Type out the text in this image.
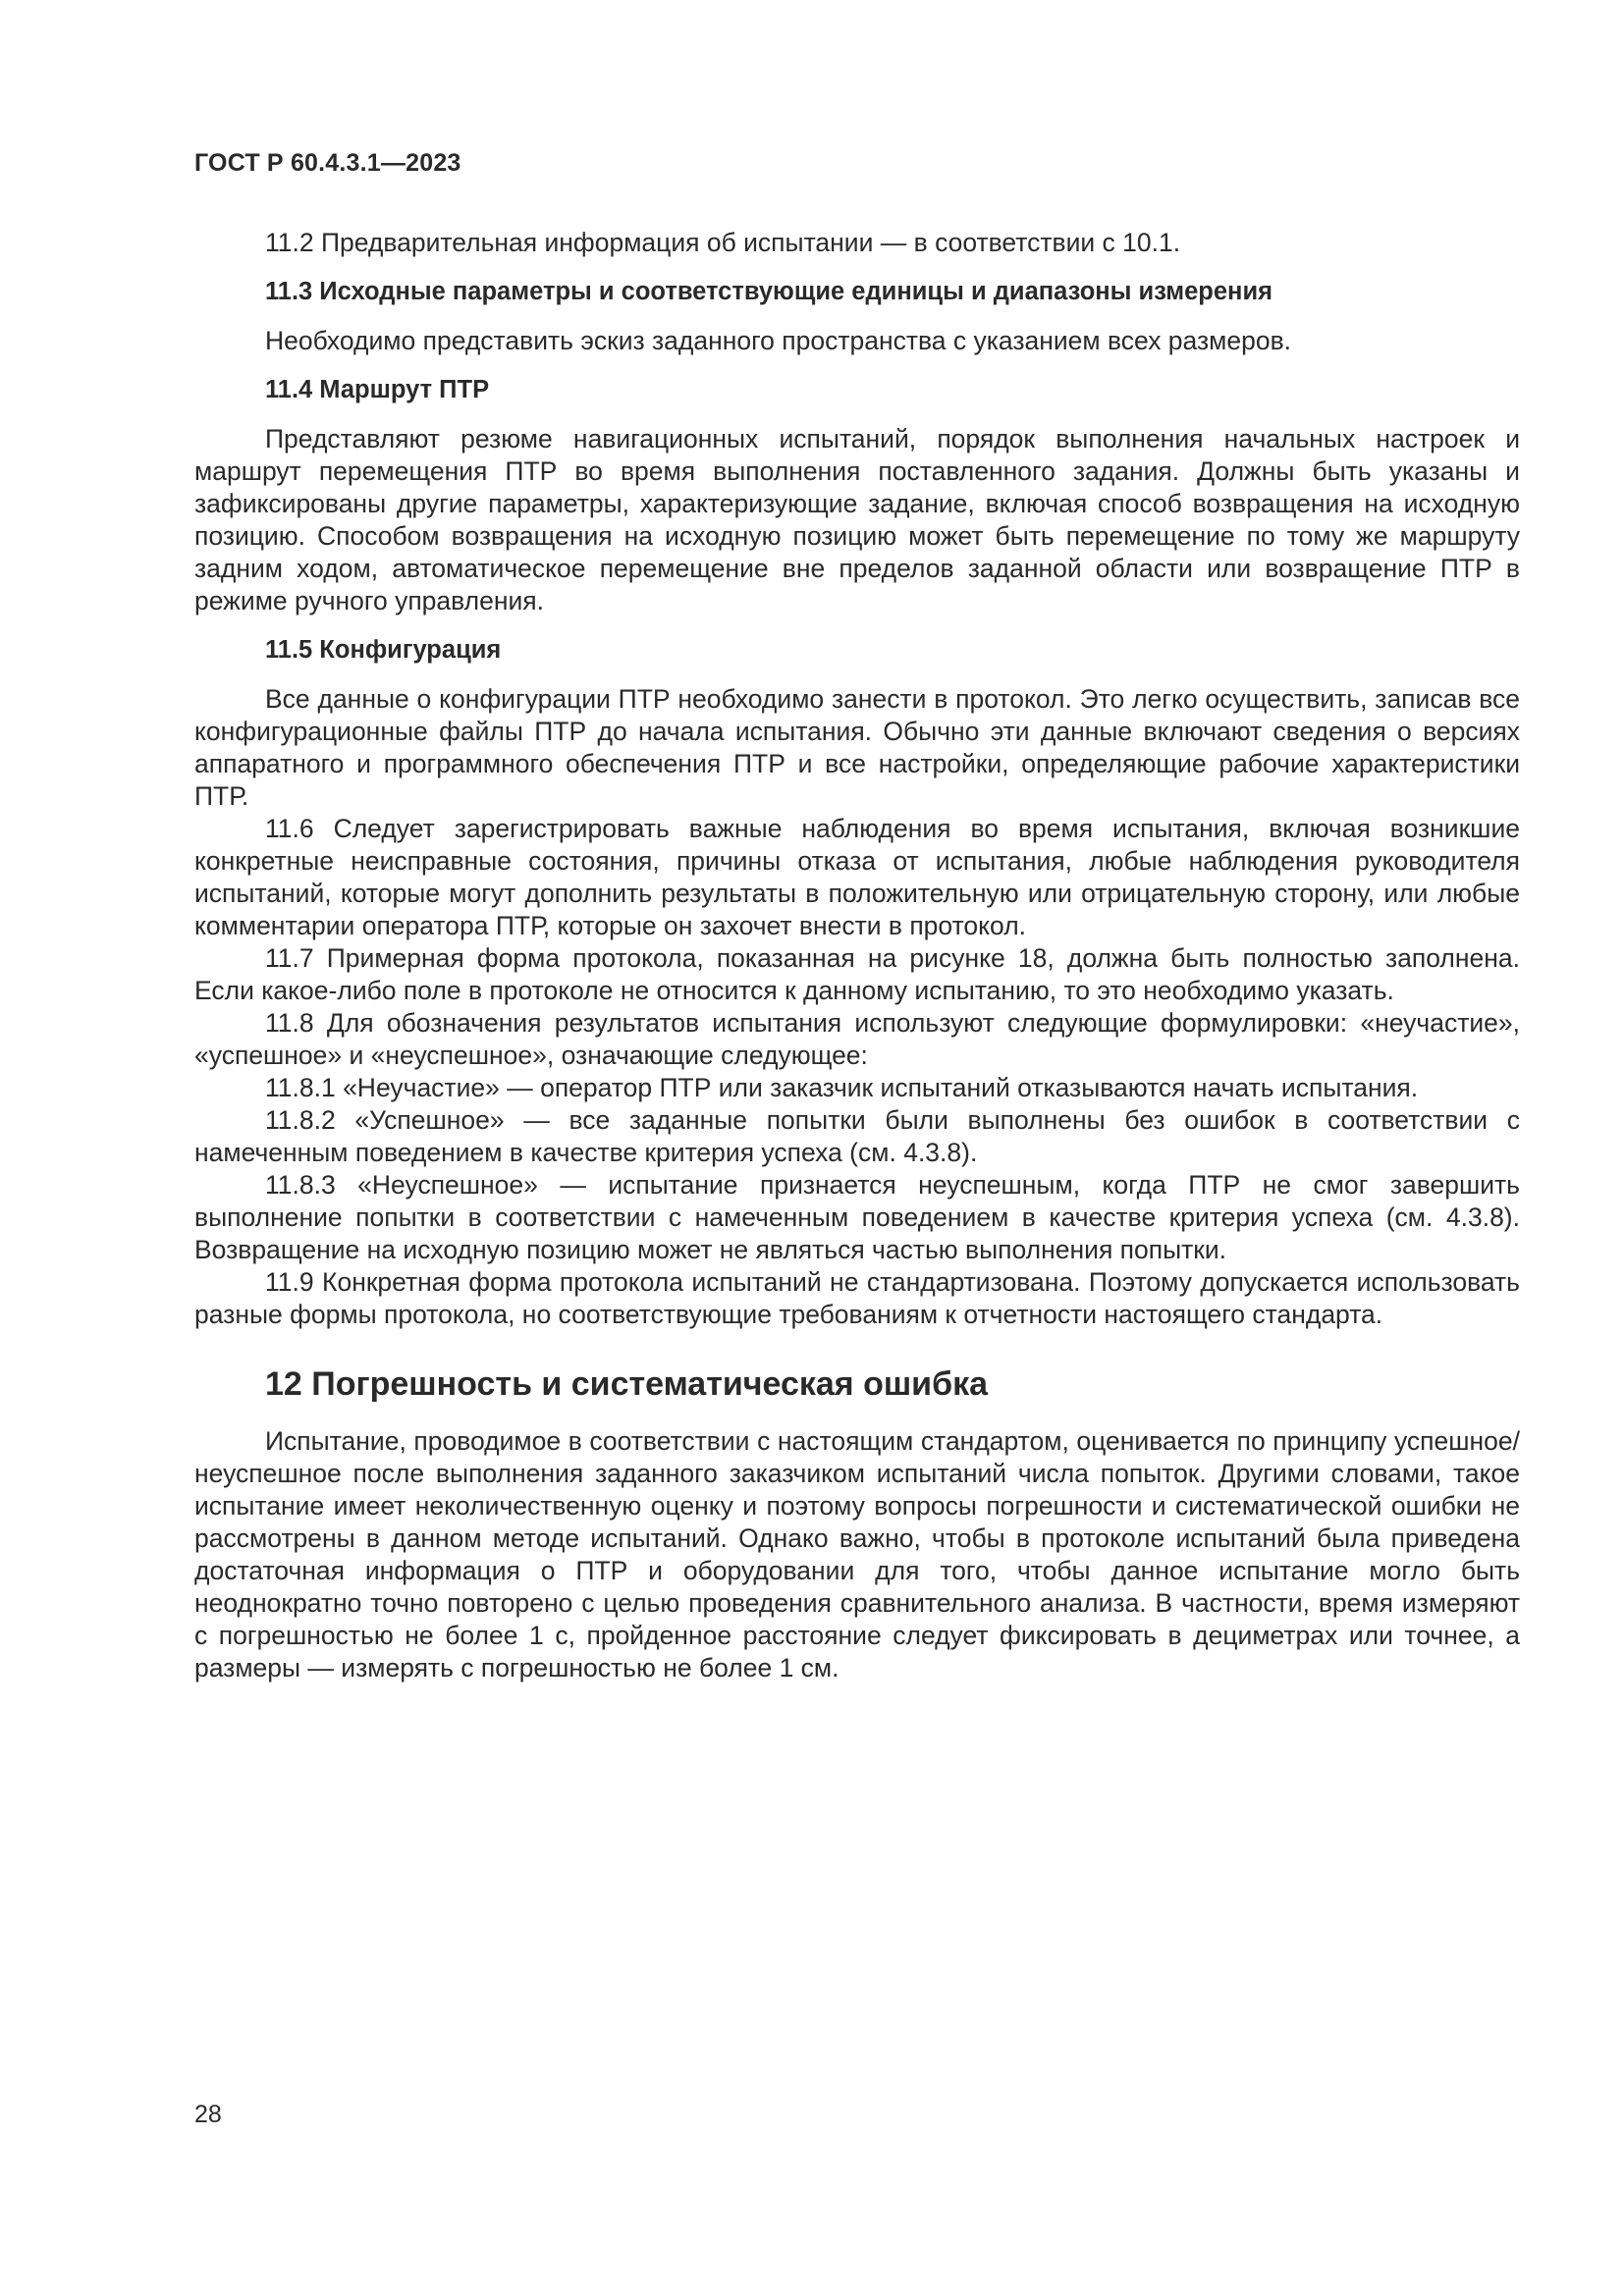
ГОСТ Р 60.4.3.1—2023

11.2 Предварительная информация об испытании — в соответствии с 10.1.

11.3 Исходные параметры и соответствующие единицы и диапазоны измерения

Необходимо представить эскиз заданного пространства с указанием всех размеров.

11.4 Маршрут ПТР

Представляют резюме навигационных испытаний, порядок выполнения начальных настроек и маршрут перемещения ПТР во время выполнения поставленного задания. Должны быть указаны и зафиксированы другие параметры, характеризующие задание, включая способ возвращения на исходную позицию. Способом возвращения на исходную позицию может быть перемещение по тому же маршруту задним ходом, автоматическое перемещение вне пределов заданной области или возвращение ПТР в режиме ручного управления.

11.5 Конфигурация

Все данные о конфигурации ПТР необходимо занести в протокол. Это легко осуществить, записав все конфигурационные файлы ПТР до начала испытания. Обычно эти данные включают сведения о версиях аппаратного и программного обеспечения ПТР и все настройки, определяющие рабочие характеристики ПТР.

11.6 Следует зарегистрировать важные наблюдения во время испытания, включая возникшие конкретные неисправные состояния, причины отказа от испытания, любые наблюдения руководителя испытаний, которые могут дополнить результаты в положительную или отрицательную сторону, или любые комментарии оператора ПТР, которые он захочет внести в протокол.

11.7 Примерная форма протокола, показанная на рисунке 18, должна быть полностью заполнена. Если какое-либо поле в протоколе не относится к данному испытанию, то это необходимо указать.

11.8 Для обозначения результатов испытания используют следующие формулировки: «неучастие», «успешное» и «неуспешное», означающие следующее:

11.8.1 «Неучастие» — оператор ПТР или заказчик испытаний отказываются начать испытания.

11.8.2 «Успешное» — все заданные попытки были выполнены без ошибок в соответствии с намеченным поведением в качестве критерия успеха (см. 4.3.8).

11.8.3 «Неуспешное» — испытание признается неуспешным, когда ПТР не смог завершить выполнение попытки в соответствии с намеченным поведением в качестве критерия успеха (см. 4.3.8). Возвращение на исходную позицию может не являться частью выполнения попытки.

11.9 Конкретная форма протокола испытаний не стандартизована. Поэтому допускается использовать разные формы протокола, но соответствующие требованиям к отчетности настоящего стандарта.

12 Погрешность и систематическая ошибка

Испытание, проводимое в соответствии с настоящим стандартом, оценивается по принципу успешное/неуспешное после выполнения заданного заказчиком испытаний числа попыток. Другими словами, такое испытание имеет неколичественную оценку и поэтому вопросы погрешности и систематической ошибки не рассмотрены в данном методе испытаний. Однако важно, чтобы в протоколе испытаний была приведена достаточная информация о ПТР и оборудовании для того, чтобы данное испытание могло быть неоднократно точно повторено с целью проведения сравнительного анализа. В частности, время измеряют с погрешностью не более 1 с, пройденное расстояние следует фиксировать в дециметрах или точнее, а размеры — измерять с погрешностью не более 1 см.

28
